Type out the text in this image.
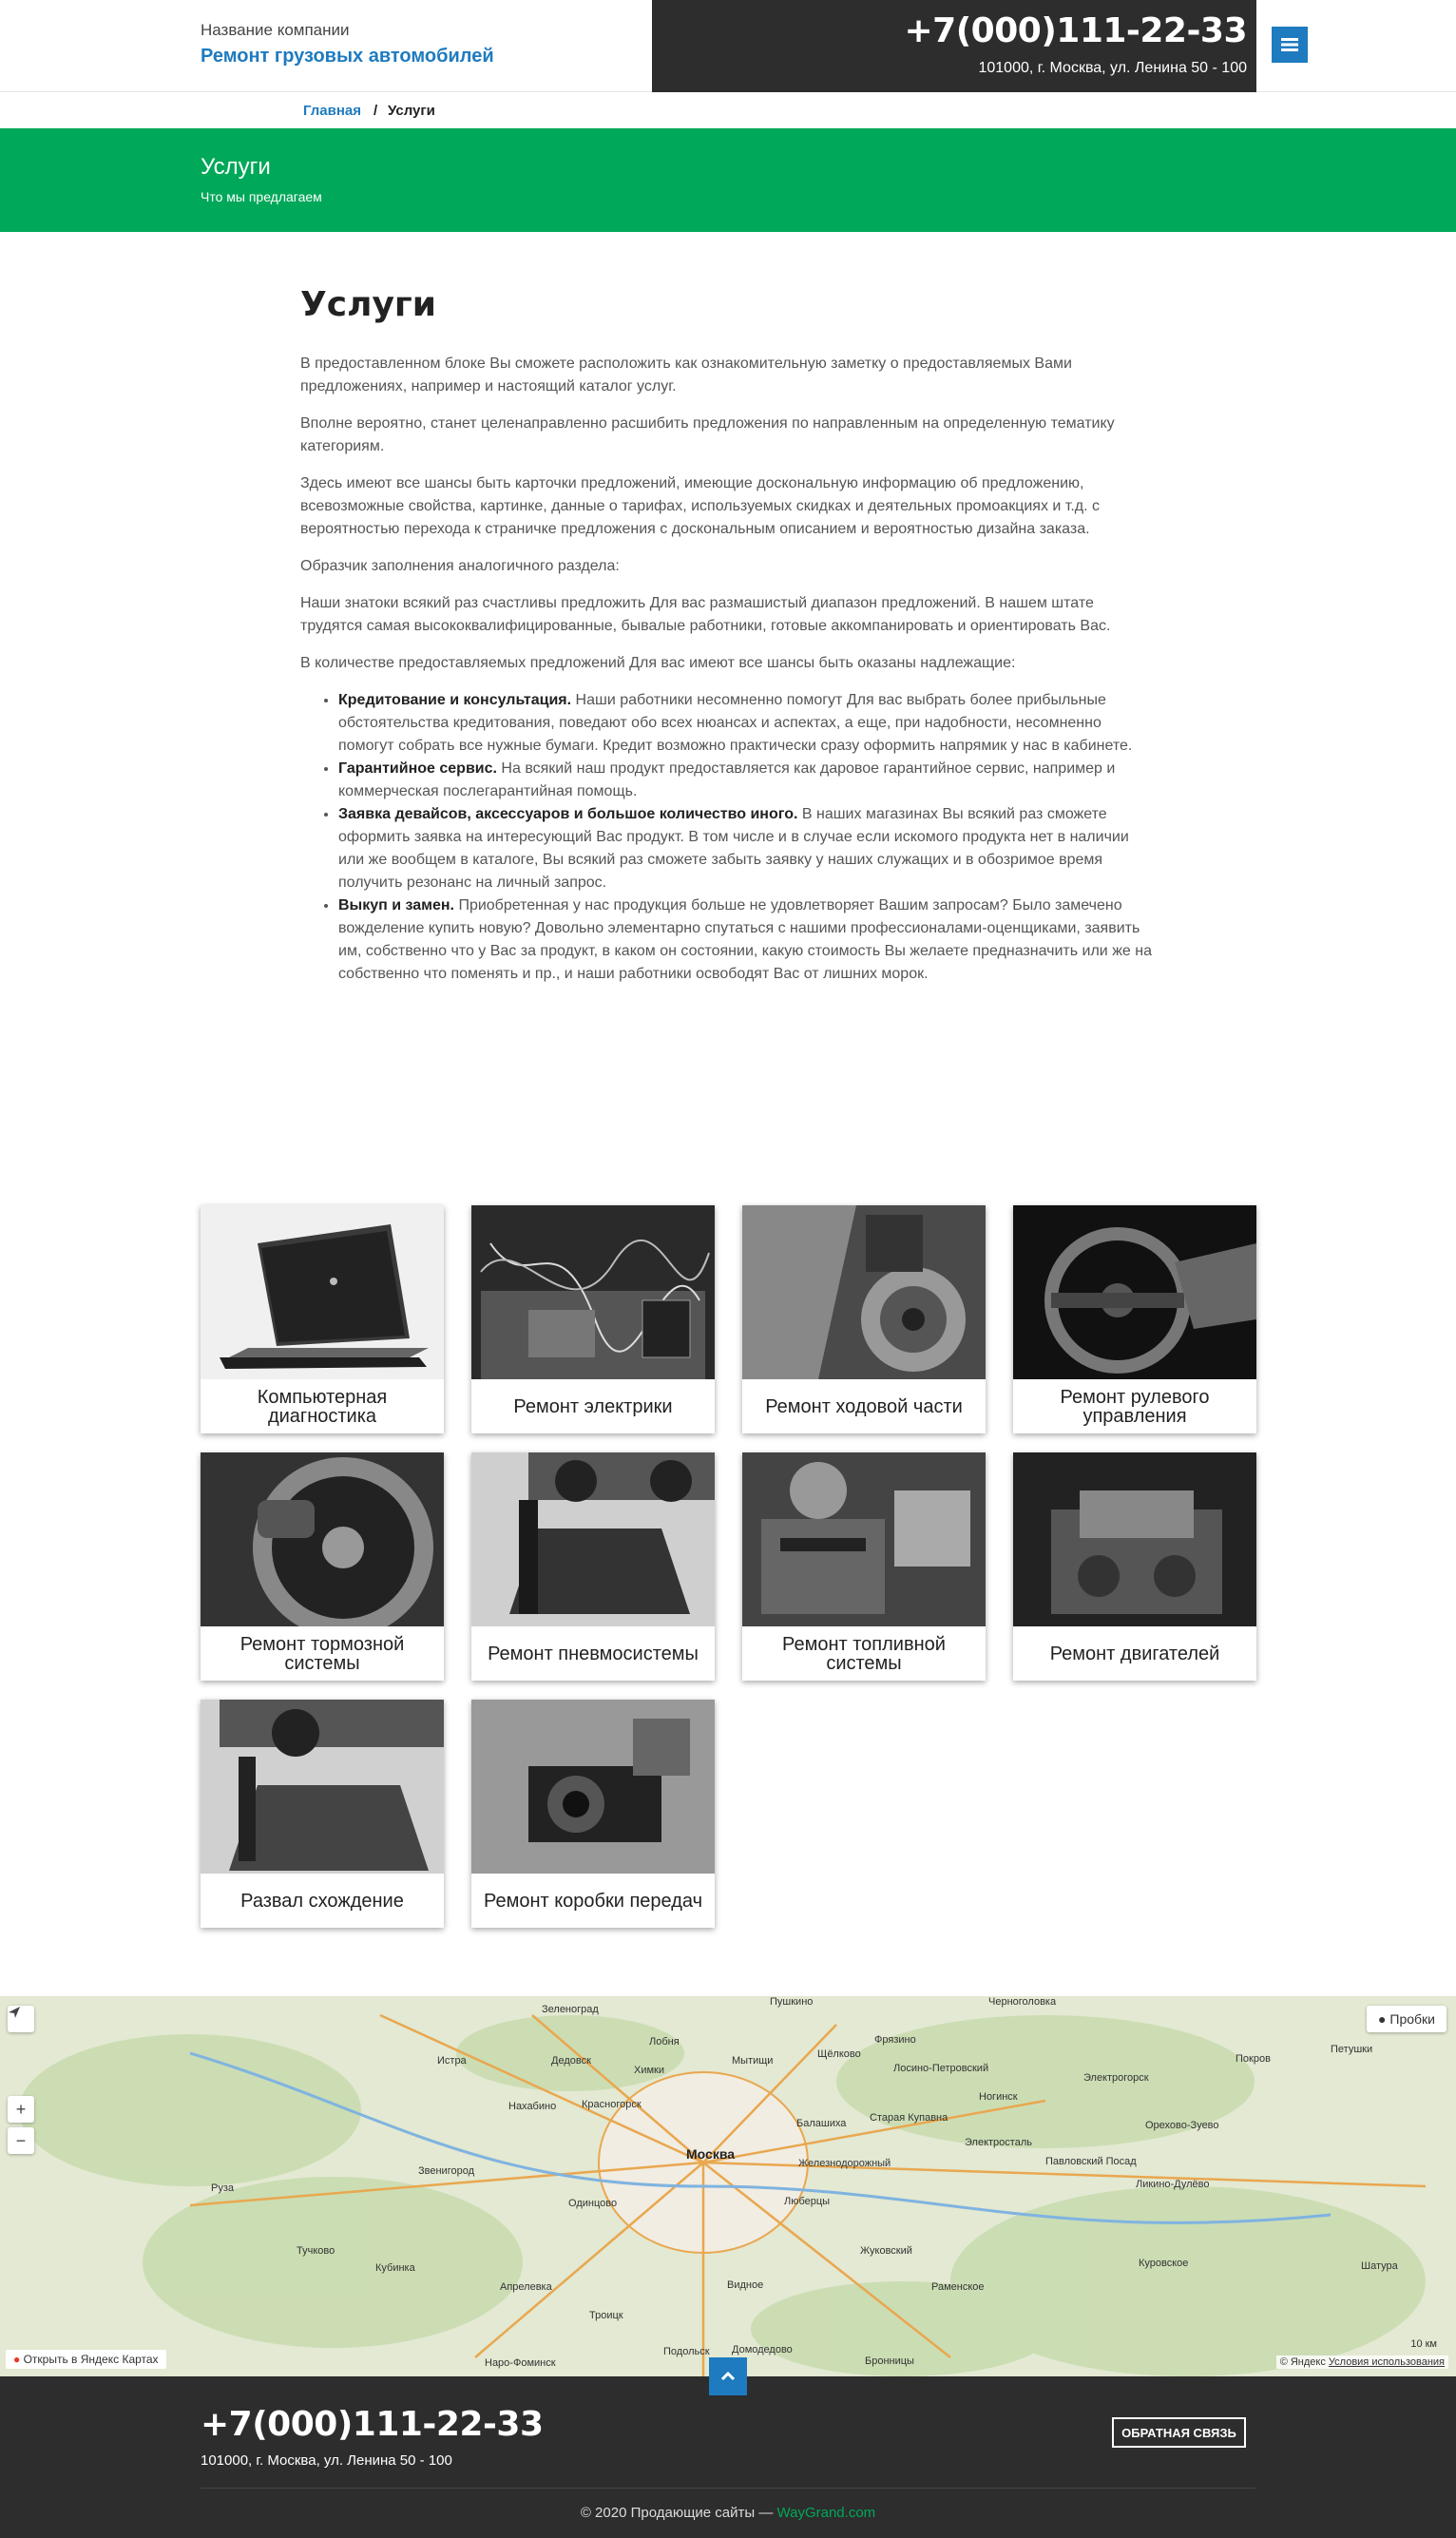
Название компании
Ремонт грузовых автомобилей
+7(000)111-22-33
101000, г. Москва, ул. Ленина 50 - 100
Главная / Услуги
Услуги
Что мы предлагаем
Услуги

В предоставленном блоке Вы сможете расположить как ознакомительную заметку о предоставляемых Вами предложениях, например и настоящий каталог услуг.

Вполне вероятно, станет целенаправленно расшибить предложения по направленным на определенную тематику категориям.

Здесь имеют все шансы быть карточки предложений, имеющие доскональную информацию об предложению, всевозможные свойства, картинке, данные о тарифах, используемых скидках и деятельных промоакциях и т.д. с вероятностью перехода к страничке предложения с доскональным описанием и вероятностью дизайна заказа.

Образчик заполнения аналогичного раздела:

Наши знатоки всякий раз счастливы предложить Для вас размашистый диапазон предложений. В нашем штате трудятся самая высококвалифицированные, бывалые работники, готовые аккомпанировать и ориентировать Вас.

В количестве предоставляемых предложений Для вас имеют все шансы быть оказаны надлежащие:

• Кредитование и консультация. Наши работники несомненно помогут Для вас выбрать более прибыльные обстоятельства кредитования, поведают обо всех нюансах и аспектах, а еще, при надобности, несомненно помогут собрать все нужные бумаги. Кредит возможно практически сразу оформить напрямик у нас в кабинете.
• Гарантийное сервис. На всякий наш продукт предоставляется как даровое гарантийное сервис, например и коммерческая послегарантийная помощь.
• Заявка девайсов, аксессуаров и большое количество иного. В наших магазинах Вы всякий раз сможете оформить заявка на интересующий Вас продукт. В том числе и в случае если искомого продукта нет в наличии или же вообщем в каталоге, Вы всякий раз сможете забыть заявку у наших служащих и в обозримое время получить резонанс на личный запрос.
• Выкуп и замен. Приобретенная у нас продукция больше не удовлетворяет Вашим запросам? Было замечено вожделение купить новую? Довольно элементарно спутаться с нашими профессионалами-оценщиками, заявить им, собственно что у Вас за продукт, в каком он состоянии, какую стоимость Вы желаете предназначить или же на собственно что поменять и пр., и наши работники освободят Вас от лишних морок.
Компьютерная диагностика	Ремонт электрики	Ремонт ходовой части	Ремонт рулевого управления
Ремонт тормозной системы	Ремонт пневмосистемы	Ремонт топливной системы	Ремонт двигателей
Развал схождение	Ремонт коробки передач
Москва
Зеленоград
Химки
Мытищи
Щёлково
Балашиха
Люберцы
Одинцово
Красногорск
Подольск Домодедово
Жуковский
Раменское
Видное
Троицк
Ногинск
Электросталь
Пушкино
Истра
Звенигород
Кубинка
Наро-Фоминск
Черноголовка
Электрогорск
Орехово-Зуево
Павловский Посад
Ликино-Дулёво
Куровское	Шатура
Бронницы
Лобня
Нахабино
Апрелевка
Руза
Тучково
Дедовск
Старая Купавна
Железнодорожный
Лосино-Петровский
Фрязино
Покров
Петушки
+
−
● Пробки
● Открыть в Яндекс Картах
10 км
© Яндекс Условия использования
+7(000)111-22-33
101000, г. Москва, ул. Ленина 50 - 100
ОБРАТНАЯ СВЯЗЬ
© 2020 Продающие сайты — WayGrand.com
